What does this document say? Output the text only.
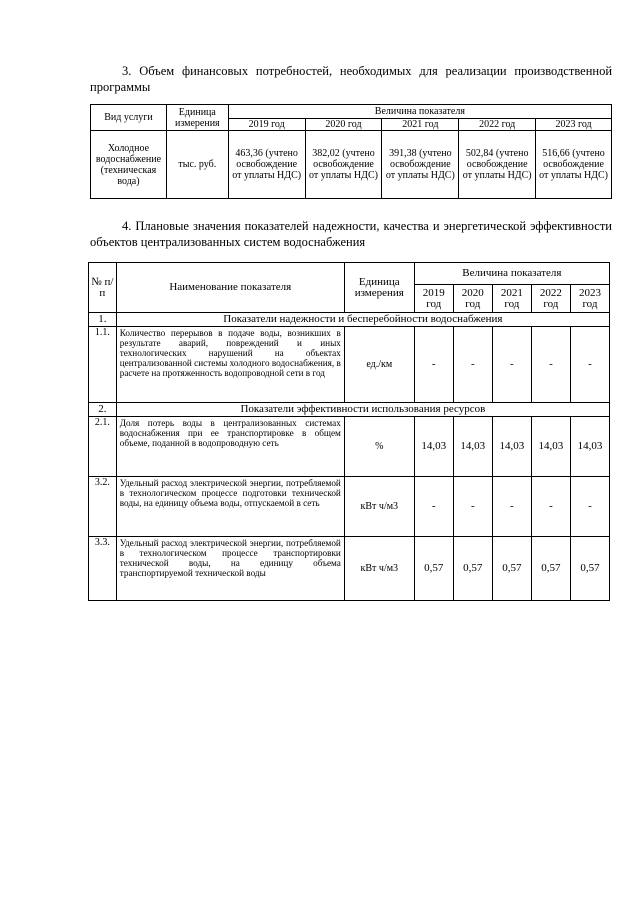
3. Объем финансовых потребностей, необходимых для реализации производственной программы

Вид услуги	Единица измерения	Величина показателя				
		2019 год	2020 год	2021 год	2022 год	2023 год
Холодное водоснабжение (техническая вода)	тыс. руб.	463,36 (учтено освобождение от уплаты НДС)	382,02 (учтено освобождение от уплаты НДС)	391,38 (учтено освобождение от уплаты НДС)	502,84 (учтено освобождение от уплаты НДС)	516,66 (учтено освобождение от уплаты НДС)

4. Плановые значения показателей надежности, качества и энергетической эффективности объектов централизованных систем водоснабжения

№ п/п	Наименование показателя	Единица измерения	Величина показателя				
			2019 год	2020 год	2021 год	2022 год	2023 год
1.	Показатели надежности и бесперебойности водоснабжения						
1.1.	Количество перерывов в подаче воды, возникших в результате аварий, повреждений и иных технологических нарушений на объектах централизованной системы холодного водоснабжения, в расчете на протяженность водопроводной сети в год	ед./км	-	-	-	-	-
2.	Показатели эффективности использования ресурсов						
2.1.	Доля потерь воды в централизованных системах водоснабжения при ее транспортировке в общем объеме, поданной в водопроводную сеть	%	14,03	14,03	14,03	14,03	14,03
3.2.	Удельный расход электрической энергии, потребляемой в технологическом процессе подготовки технической воды, на единицу объема воды, отпускаемой в сеть	кВт ч/м3	-	-	-	-	-
3.3.	Удельный расход электрической энергии, потребляемой в технологическом процессе транспортировки технической воды, на единицу объема транспортируемой технической воды	кВт ч/м3	0,57	0,57	0,57	0,57	0,57
